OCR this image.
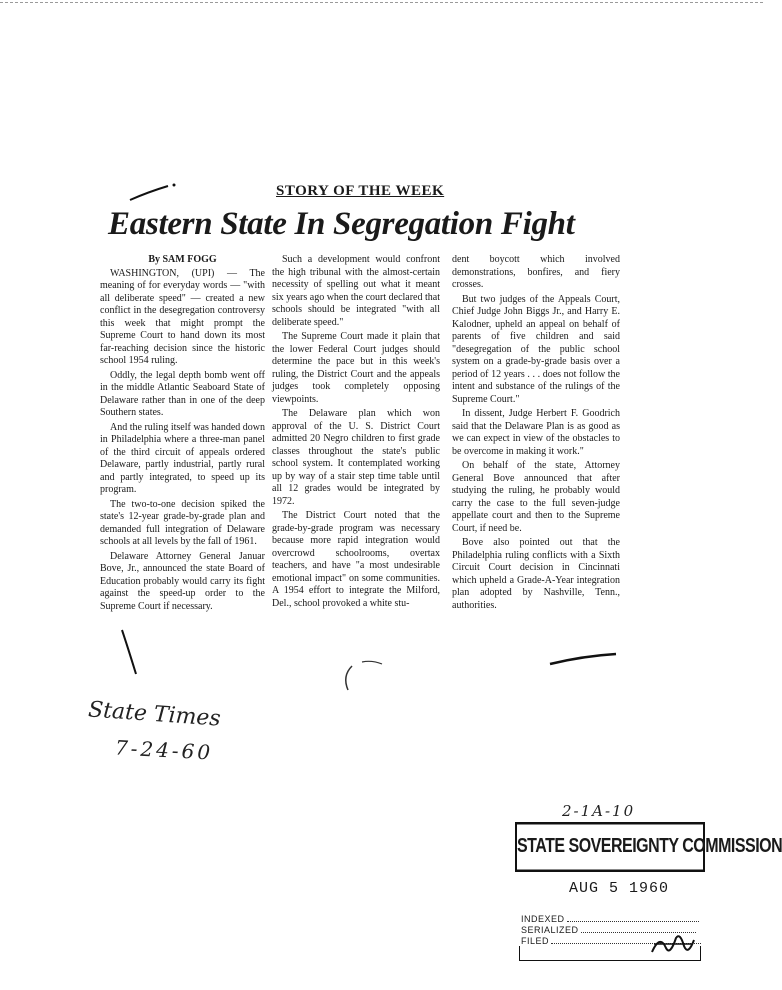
STORY OF THE WEEK
Eastern State In Segregation Fight

By SAM FOGG

WASHINGTON, (UPI) — The meaning of for everyday words — "with all deliberate speed" — created a new conflict in the desegregation controversy this week that might prompt the Supreme Court to hand down its most far-reaching decision since the historic school 1954 ruling.

Oddly, the legal depth bomb went off in the middle Atlantic Seaboard State of Delaware rather than in one of the deep Southern states.

And the ruling itself was handed down in Philadelphia where a three-man panel of the third circuit of appeals ordered Delaware, partly industrial, partly rural and partly integrated, to speed up its program.

The two-to-one decision spiked the state's 12-year grade-by-grade plan and demanded full integration of Delaware schools at all levels by the fall of 1961.

Delaware Attorney General Januar Bove, Jr., announced the state Board of Education probably would carry its fight against the speed-up order to the Supreme Court if necessary.

Such a development would confront the high tribunal with the almost-certain necessity of spelling out what it meant six years ago when the court declared that schools should be integrated "with all deliberate speed."

The Supreme Court made it plain that the lower Federal Court judges should determine the pace but in this week's ruling, the District Court and the appeals judges took completely opposing viewpoints.

The Delaware plan which won approval of the U. S. District Court admitted 20 Negro children to first grade classes throughout the state's public school system. It contemplated working up by way of a stair step time table until all 12 grades would be integrated by 1972.

The District Court noted that the grade-by-grade program was necessary because more rapid integration would overcrowd schoolrooms, overtax teachers, and have "a most undesirable emotional impact" on some communities. A 1954 effort to integrate the Milford, Del., school provoked a white stu-

dent boycott which involved demonstrations, bonfires, and fiery crosses.

But two judges of the Appeals Court, Chief Judge John Biggs Jr., and Harry E. Kalodner, upheld an appeal on behalf of parents of five children and said "desegregation of the public school system on a grade-by-grade basis over a period of 12 years . . . does not follow the intent and substance of the rulings of the Supreme Court."

In dissent, Judge Herbert F. Goodrich said that the Delaware Plan is as good as we can expect in view of the obstacles to be overcome in making it work."

On behalf of the state, Attorney General Bove announced that after studying the ruling, he probably would carry the case to the full seven-judge appellate court and then to the Supreme Court, if need be.

Bove also pointed out that the Philadelphia ruling conflicts with a Sixth Circuit Court decision in Cincinnati which upheld a Grade-A-Year integration plan adopted by Nashville, Tenn., authorities.

State Times
7-24-60
2-1A-10
STATE SOVEREIGNTY COMMISSION
AUG 5 1960
INDEXED
SERIALIZED
FILED
